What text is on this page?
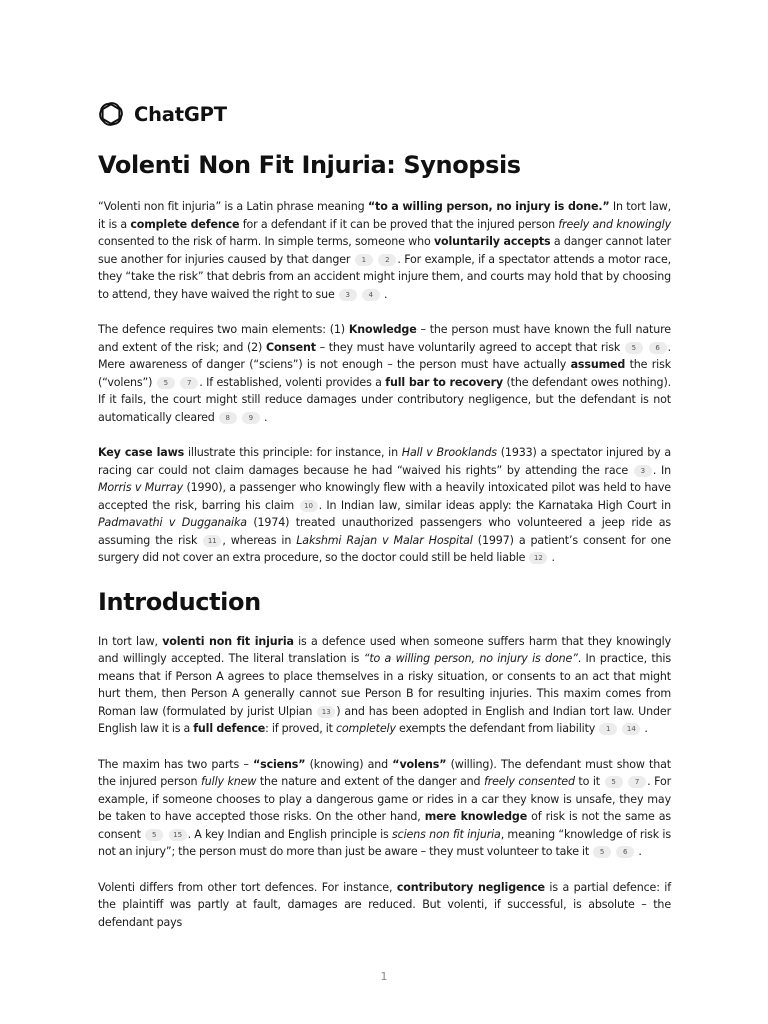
ChatGPT
Volenti Non Fit Injuria: Synopsis

“Volenti non fit injuria” is a Latin phrase meaning “to a willing person, no injury is done.” In tort law, it is a complete defence for a defendant if it can be proved that the injured person freely and knowingly consented to the risk of harm. In simple terms, someone who voluntarily accepts a danger cannot later sue another for injuries caused by that danger 1	2 . For example, if a spectator attends a motor race, they “take the risk” that debris from an accident might injure them, and courts may hold that by choosing to attend, they have waived the right to sue 3	4 .

The defence requires two main elements: (1) Knowledge – the person must have known the full nature and extent of the risk; and (2) Consent – they must have voluntarily agreed to accept that risk 5	6 . Mere awareness of danger (“sciens”) is not enough – the person must have actually assumed the risk (“volens”) 5	7 . If established, volenti provides a full bar to recovery (the defendant owes nothing). If it fails, the court might still reduce damages under contributory negligence, but the defendant is not automatically cleared 8	9 .

Key case laws illustrate this principle: for instance, in Hall v Brooklands (1933) a spectator injured by a racing car could not claim damages because he had “waived his rights” by attending the race 3 . In Morris v Murray (1990), a passenger who knowingly flew with a heavily intoxicated pilot was held to have accepted the risk, barring his claim 10 . In Indian law, similar ideas apply: the Karnataka High Court in Padmavathi v Dugganaika (1974) treated unauthorized passengers who volunteered a jeep ride as assuming the risk 11 , whereas in Lakshmi Rajan v Malar Hospital (1997) a patient’s consent for one surgery did not cover an extra procedure, so the doctor could still be held liable 12 .

Introduction

In tort law, volenti non fit injuria is a defence used when someone suffers harm that they knowingly and willingly accepted. The literal translation is “to a willing person, no injury is done”. In practice, this means that if Person A agrees to place themselves in a risky situation, or consents to an act that might hurt them, then Person A generally cannot sue Person B for resulting injuries. This maxim comes from Roman law (formulated by jurist Ulpian 13 ) and has been adopted in English and Indian tort law. Under English law it is a full defence: if proved, it completely exempts the defendant from liability 1 14 .

The maxim has two parts – “sciens” (knowing) and “volens” (willing). The defendant must show that the injured person fully knew the nature and extent of the danger and freely consented to it 5	7 . For example, if someone chooses to play a dangerous game or rides in a car they know is unsafe, they may be taken to have accepted those risks. On the other hand, mere knowledge of risk is not the same as consent 5 15 . A key Indian and English principle is sciens non fit injuria, meaning “knowledge of risk is not an injury”; the person must do more than just be aware – they must volunteer to take it 5	6 .

Volenti differs from other tort defences. For instance, contributory negligence is a partial defence: if the plaintiff was partly at fault, damages are reduced. But volenti, if successful, is absolute – the defendant pays

1
